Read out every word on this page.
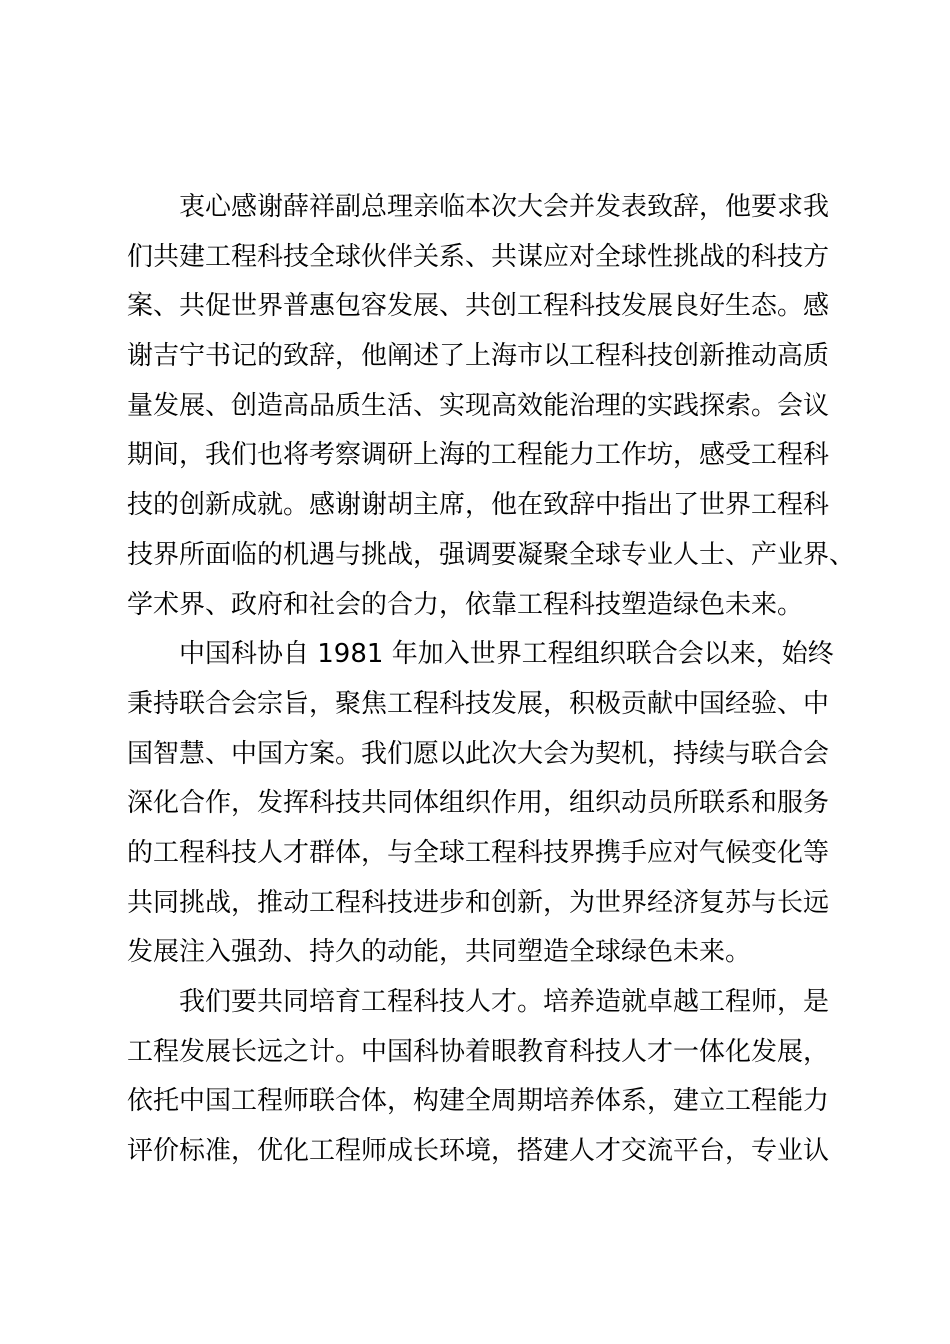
衷心感谢薛祥副总理亲临本次大会并发表致辞，他要求我
们共建工程科技全球伙伴关系、共谋应对全球性挑战的科技方
案、共促世界普惠包容发展、共创工程科技发展良好生态。感
谢吉宁书记的致辞，他阐述了上海市以工程科技创新推动高质
量发展、创造高品质生活、实现高效能治理的实践探索。会议
期间，我们也将考察调研上海的工程能力工作坊，感受工程科
技的创新成就。感谢谢胡主席，他在致辞中指出了世界工程科
技界所面临的机遇与挑战，强调要凝聚全球专业人士、产业界、
学术界、政府和社会的合力，依靠工程科技塑造绿色未来。
中国科协自 1981 年加入世界工程组织联合会以来，始终
秉持联合会宗旨，聚焦工程科技发展，积极贡献中国经验、中
国智慧、中国方案。我们愿以此次大会为契机，持续与联合会
深化合作，发挥科技共同体组织作用，组织动员所联系和服务
的工程科技人才群体，与全球工程科技界携手应对气候变化等
共同挑战，推动工程科技进步和创新，为世界经济复苏与长远
发展注入强劲、持久的动能，共同塑造全球绿色未来。
我们要共同培育工程科技人才。培养造就卓越工程师，是
工程发展长远之计。中国科协着眼教育科技人才一体化发展，
依托中国工程师联合体，构建全周期培养体系，建立工程能力
评价标准，优化工程师成长环境，搭建人才交流平台，专业认
